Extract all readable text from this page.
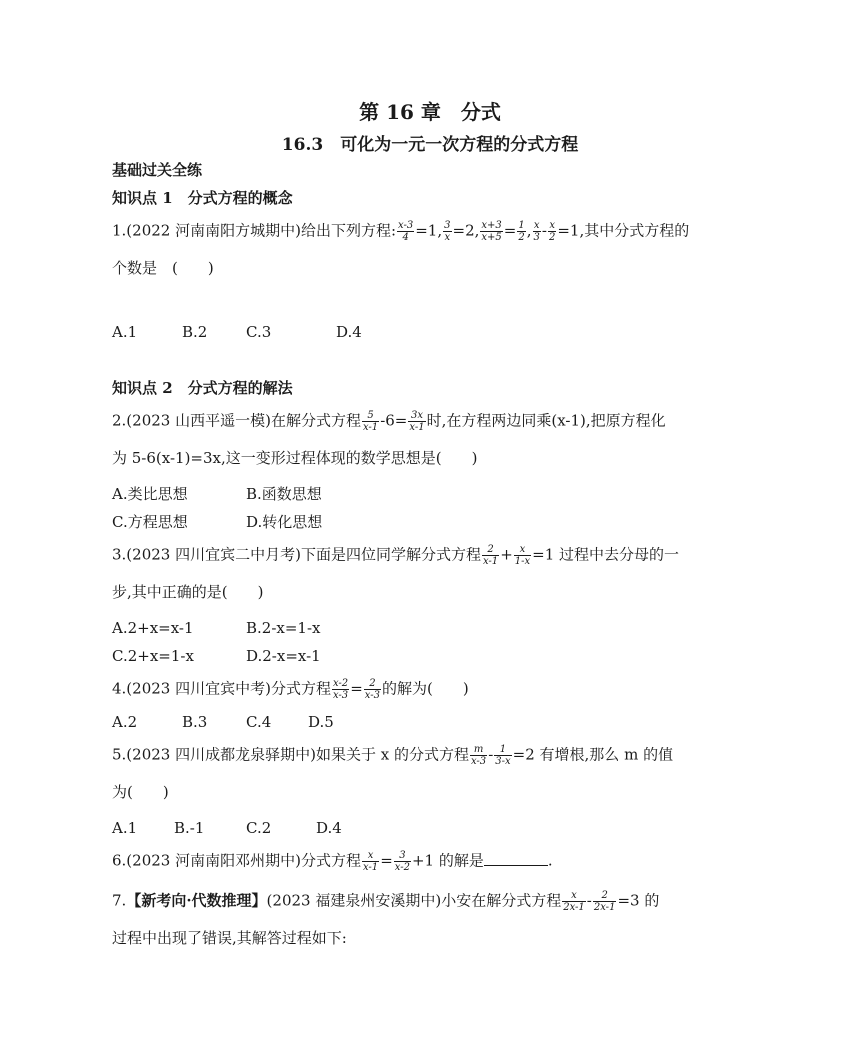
第 16 章　分式
16.3　可化为一元一次方程的分式方程
基础过关全练
知识点 1　分式方程的概念
1.(2022 河南南阳方城期中)给出下列方程: $\frac{x-3}{4} =1$, $\frac{3}{x} =2$, $\frac{x+3}{x+5} = \frac{1}{2}$ , $\frac{x}{3} - \frac{x}{2} =1$,其中分式方程的
个数是　(　　)
A.1	B.2	C.3	D.4
知识点 2　分式方程的解法
2.(2023 山西平遥一模)在解分式方程 $\frac{5}{x-1} -6= \frac{3x}{x-1}$ 时,在方程两边同乘(x-1),把原方程化
为 5-6(x-1)=3x,这一变形过程体现的数学思想是(　　)
A.类比思想	B.函数思想
C.方程思想	D.转化思想
3.(2023 四川宜宾二中月考)下面是四位同学解分式方程 $\frac{2}{x-1} + \frac{x}{1-x} =1$ 过程中去分母的一
步,其中正确的是(　　)
A.2+x=x-1	B.2-x=1-x
C.2+x=1-x	D.2-x=x-1
4.(2023 四川宜宾中考)分式方程 $\frac{x-2}{x-3} = \frac{2}{x-3}$ 的解为(　　)
A.2	B.3	C.4 D.5
5.(2023 四川成都龙泉驿期中)如果关于 x 的分式方程 $\frac{m}{x-3} - \frac{1}{3-x} =2$ 有增根,那么 m 的值
为(　　)
A.1 B.-1	C.2	D.4
6.(2023 河南南阳邓州期中)分式方程 $\frac{x}{x-1} = \frac{3}{x-2} +1$ 的解是	.
7.【新考向·代数推理】(2023 福建泉州安溪期中)小安在解分式方程 $\frac{x}{2x-1} - \frac{2}{2x-1} =3$ 的
过程中出现了错误,其解答过程如下:
